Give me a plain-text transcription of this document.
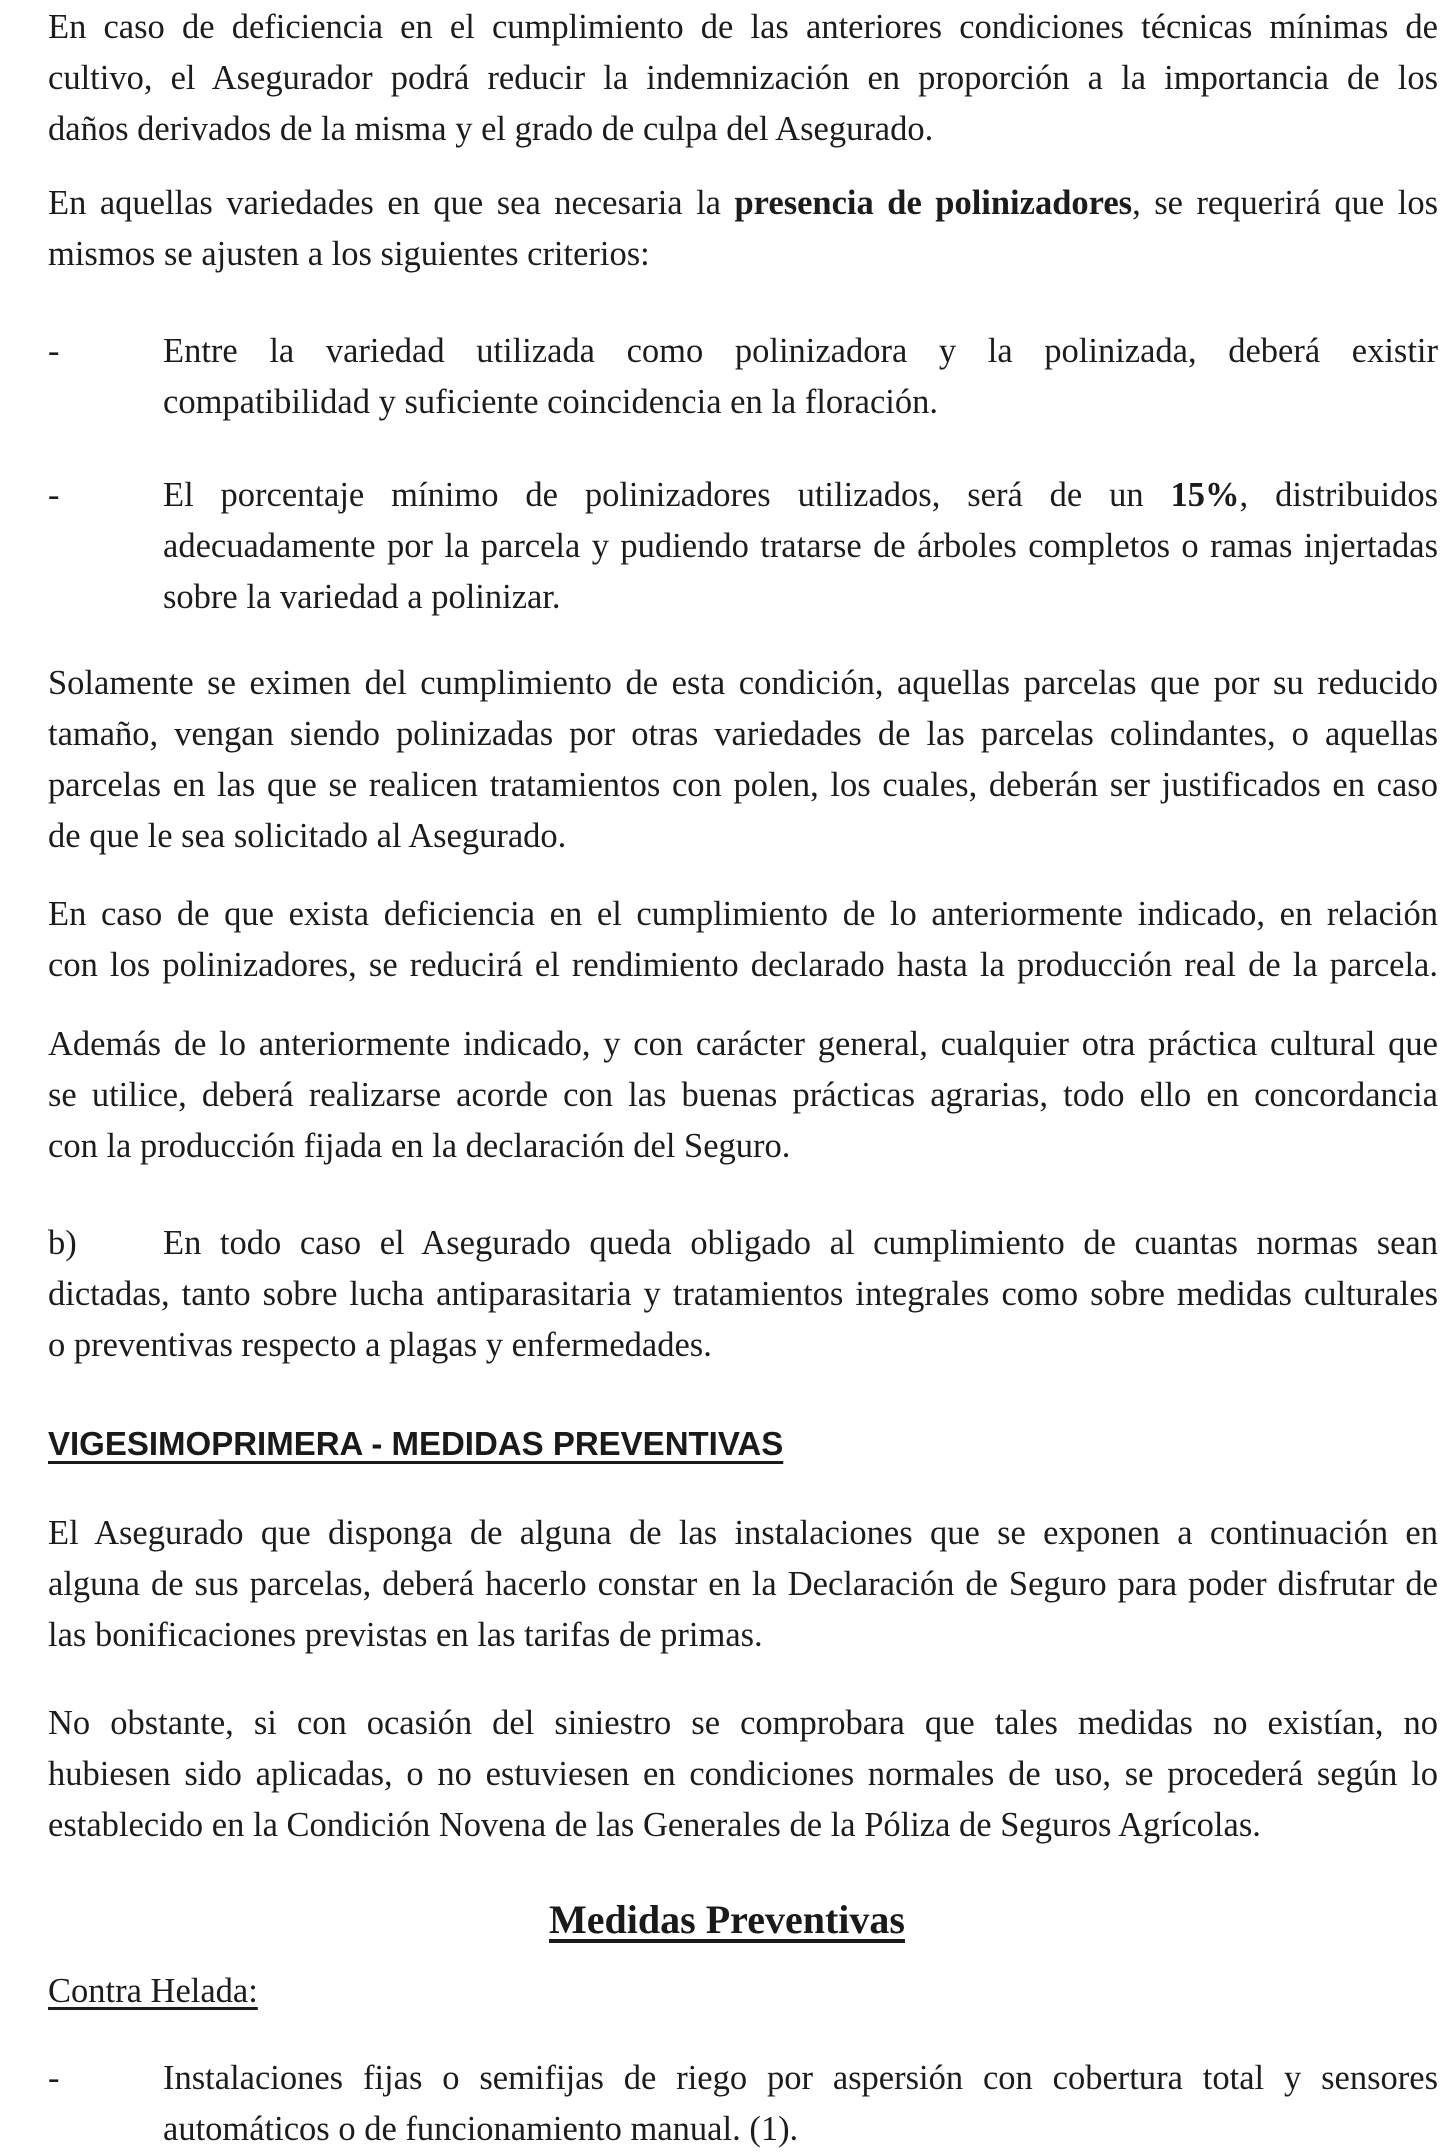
En caso de deficiencia en el cumplimiento de las anteriores condiciones técnicas mínimas de
cultivo, el Asegurador podrá reducir la indemnización en proporción a la importancia de los
daños derivados de la misma y el grado de culpa del Asegurado.

En aquellas variedades en que sea necesaria la presencia de polinizadores, se requerirá que los
mismos se ajusten a los siguientes criterios:

-	Entre la variedad utilizada como polinizadora y la polinizada, deberá existir
compatibilidad y suficiente coincidencia en la floración.
-	El porcentaje mínimo de polinizadores utilizados, será de un 15%, distribuidos
adecuadamente por la parcela y pudiendo tratarse de árboles completos o ramas injertadas
sobre la variedad a polinizar.

Solamente se eximen del cumplimiento de esta condición, aquellas parcelas que por su reducido
tamaño, vengan siendo polinizadas por otras variedades de las parcelas colindantes, o aquellas
parcelas en las que se realicen tratamientos con polen, los cuales, deberán ser justificados en caso
de que le sea solicitado al Asegurado.

En caso de que exista deficiencia en el cumplimiento de lo anteriormente indicado, en relación
con los polinizadores, se reducirá el rendimiento declarado hasta la producción real de la parcela.

Además de lo anteriormente indicado, y con carácter general, cualquier otra práctica cultural que
se utilice, deberá realizarse acorde con las buenas prácticas agrarias, todo ello en concordancia
con la producción fijada en la declaración del Seguro.

b)	En todo caso el Asegurado queda obligado al cumplimiento de cuantas normas sean
dictadas, tanto sobre lucha antiparasitaria y tratamientos integrales como sobre medidas culturales
o preventivas respecto a plagas y enfermedades.

VIGESIMOPRIMERA - MEDIDAS PREVENTIVAS

El Asegurado que disponga de alguna de las instalaciones que se exponen a continuación en
alguna de sus parcelas, deberá hacerlo constar en la Declaración de Seguro para poder disfrutar de
las bonificaciones previstas en las tarifas de primas.

No obstante, si con ocasión del siniestro se comprobara que tales medidas no existían, no
hubiesen sido aplicadas, o no estuviesen en condiciones normales de uso, se procederá según lo
establecido en la Condición Novena de las Generales de la Póliza de Seguros Agrícolas.

Medidas Preventivas
Contra Helada:
-	Instalaciones fijas o semifijas de riego por aspersión con cobertura total y sensores
automáticos o de funcionamiento manual. (1).
